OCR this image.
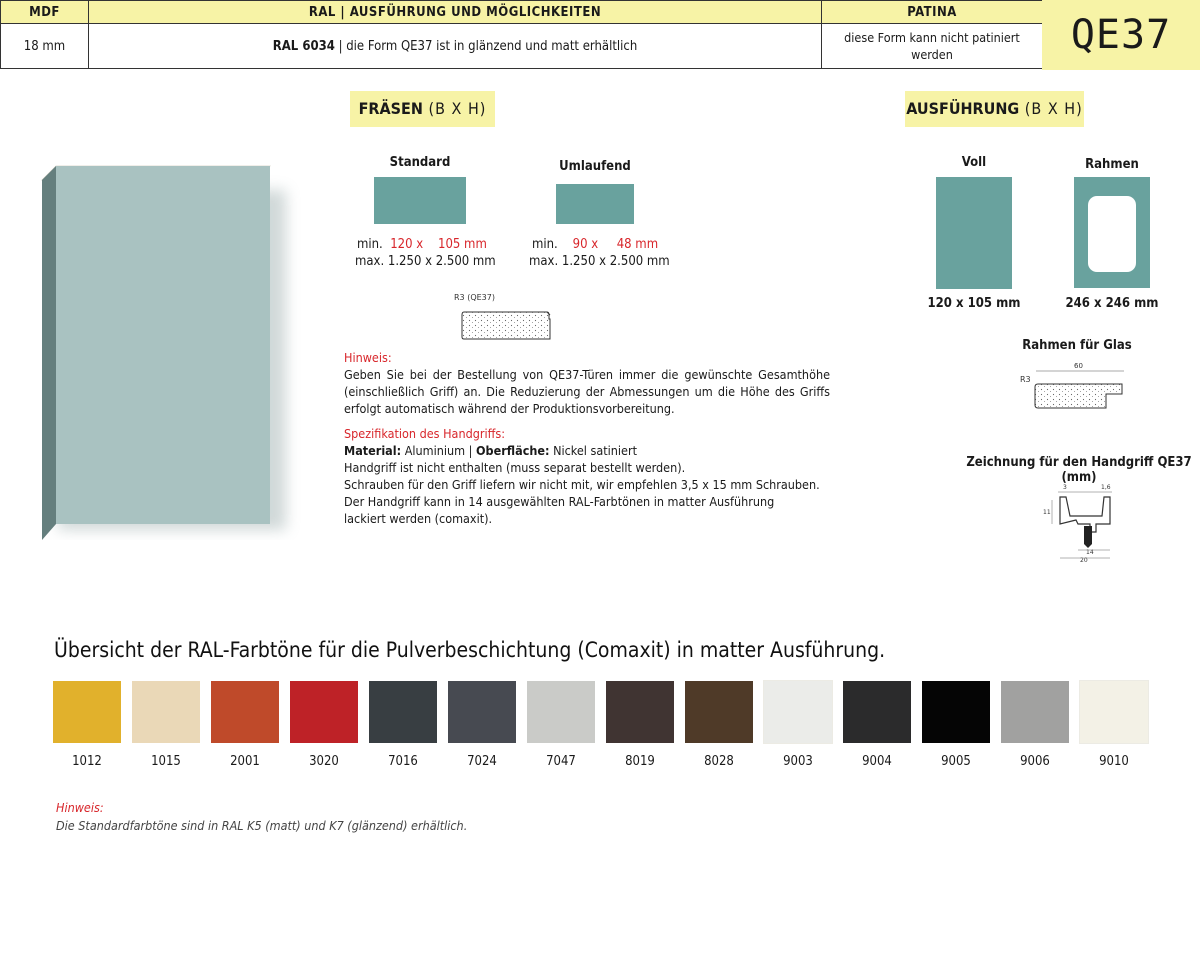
MDF	RAL | AUSFÜHRUNG UND MÖGLICHKEITEN	PATINA
18 mm	RAL 6034 | die Form QE37 ist in glänzend und matt erhältlich	diese Form kann nicht patiniert werden	QE37
FRÄSEN (B X H)
Standard
min. 120 x    105 mm
max. 1.250 x 2.500 mm
Umlaufend
min. 90 x     48 mm
max. 1.250 x 2.500 mm
R3 (QE37)
Hinweis:

Geben Sie bei der Bestellung von QE37-Türen immer die gewünschte Gesamthöhe (einschließlich Griff) an. Die Reduzierung der Abmessungen um die Höhe des Griffs erfolgt automatisch während der Produktionsvorbereitung.

Spezifikation des Handgriffs:
Material: Aluminium | Oberfläche: Nickel satiniert
Handgriff ist nicht enthalten (muss separat bestellt werden).
Schrauben für den Griff liefern wir nicht mit, wir empfehlen 3,5 x 15 mm Schrauben.
Der Handgriff kann in 14 ausgewählten RAL-Farbtönen in matter Ausführung lackiert werden (comaxit).
AUSFÜHRUNG (B X H)
Voll
120 x 105 mm
Rahmen
246 x 246 mm
Rahmen für Glas
R3
60
Zeichnung für den Handgriff QE37 (mm)
3	1,6
11
14
20
Übersicht der RAL-Farbtöne für die Pulverbeschichtung (Comaxit) in matter Ausführung.
1012	1015	2001	3020	7016	7024	7047	8019	8028	9003	9004	9005	9006	9010
Hinweis:
Die Standardfarbtöne sind in RAL K5 (matt) und K7 (glänzend) erhältlich.
